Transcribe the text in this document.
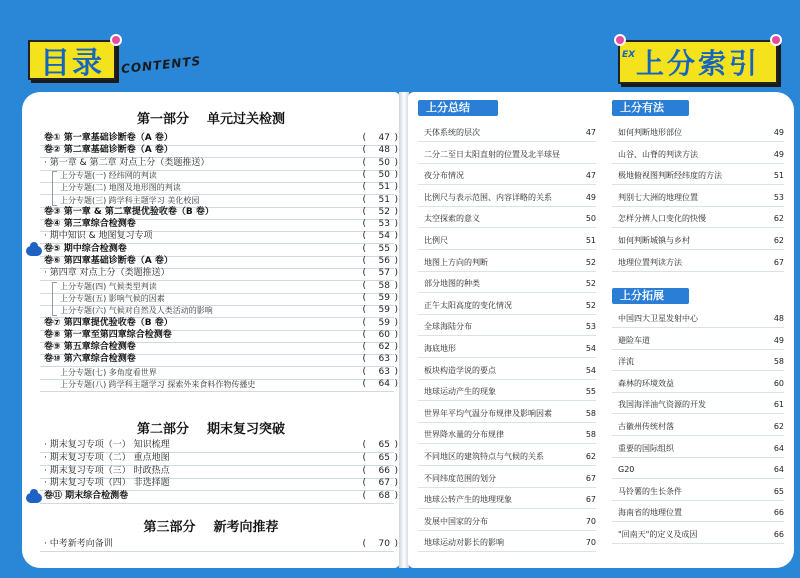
目录	CONTENTS	上分索引
EX
第一部分 单元过关检测
卷① 第一章基础诊断卷（A 卷）	47
(	)
卷② 第二章基础诊断卷（A 卷）	48
(	)
· 第一章 & 第二章 对点上分（类题推送）	50
(	)
上分专题(一) 经纬网的判读	50
(	)
上分专题(二) 地图及地形图的判读	51
(	)
上分专题(三) 跨学科主题学习 美化校园	51
(	)
卷③ 第一章 & 第二章提优验收卷（B 卷）	52
(	)
卷④ 第三章综合检测卷	53
(	)
· 期中知识 & 地图复习专项	54
(	)
卷⑤ 期中综合检测卷	55
(	)
卷⑥ 第四章基础诊断卷（A 卷）	56
(	)
· 第四章 对点上分（类题推送）	57
(	)
上分专题(四) 气候类型判读	58
(	)
上分专题(五) 影响气候的因素	59
(	)
上分专题(六) 气候对自然及人类活动的影响	59
(	)
卷⑦ 第四章提优验收卷（B 卷）	59
(	)
卷⑧ 第一章至第四章综合检测卷	60
(	)
卷⑨ 第五章综合检测卷	62
(	)
卷⑩ 第六章综合检测卷	63
(	)
上分专题(七) 多角度看世界	63
(	)
上分专题(八) 跨学科主题学习 探索外来食料作物传播史	64
(	)
第二部分 期末复习突破
· 期末复习专项（一） 知识梳理	65
(	)
· 期末复习专项（二） 重点地图	65
(	)
· 期末复习专项（三） 时政热点	66
(	)
· 期末复习专项（四） 非选择题	67
(	)
卷⑪ 期末综合检测卷	68
(	)
第三部分 新考向推荐
· 中考新考向备训	70
(	)
上分总结
天体系统的层次	47
二分二至日太阳直射的位置及北半球昼
夜分布情况	47
比例尺与表示范围、内容详略的关系	49
太空探索的意义	50
比例尺	51
地图上方向的判断	52
部分地图的种类	52
正午太阳高度的变化情况	52
全球海陆分布	53
海底地形	54
板块构造学说的要点	54
地球运动产生的现象	55
世界年平均气温分布规律及影响因素	58
世界降水量的分布规律	58
不同地区的建筑特点与气候的关系	62
不同纬度范围的划分	67
地球公转产生的地理现象	67
发展中国家的分布	70
地球运动对影长的影响	70
上分有法
如何判断地形部位	49
山谷、山脊的判读方法	49
极地俯视图判断经纬度的方法	51
判别七大洲的地理位置	53
怎样分辨人口变化的快慢	62
如何判断城镇与乡村	62
地理位置判读方法	67
上分拓展
中国四大卫星发射中心	48
避险车道	49
洋流	58
森林的环境效益	60
我国海洋油气资源的开发	61
古徽州传统村落	62
重要的国际组织	64
G20	64
马铃薯的生长条件	65
海南省的地理位置	66
"回南天"的定义及成因	66
